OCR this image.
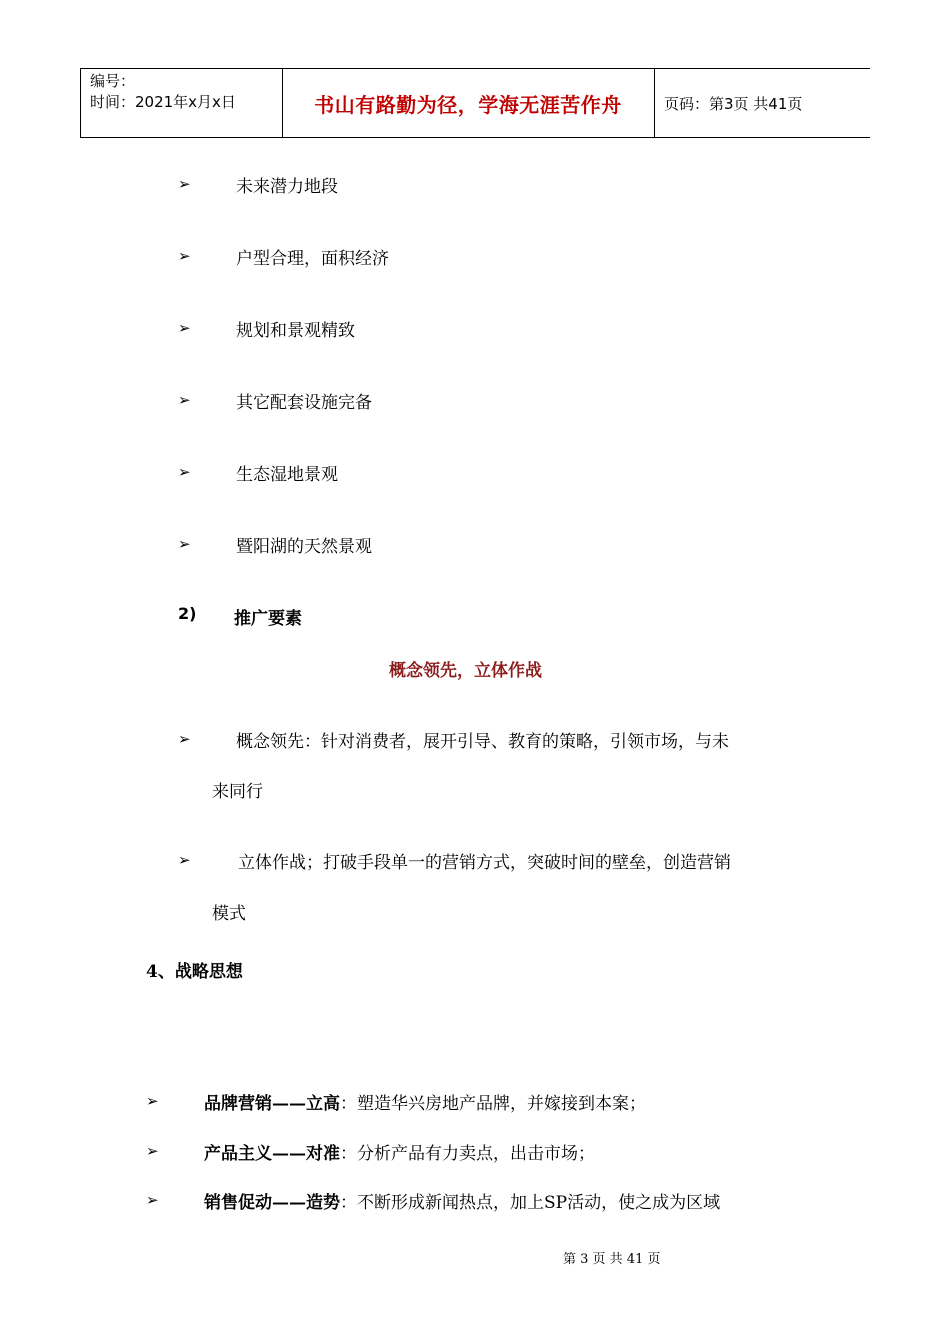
编号：
时间：2021年x月x日	书山有路勤为径，学海无涯苦作舟	页码：第3页 共41页
➢	未来潜力地段
➢	户型合理，面积经济
➢	规划和景观精致
➢	其它配套设施完备
➢	生态湿地景观
➢	暨阳湖的天然景观
2) 推广要素
概念领先，立体作战
➢	概念领先：针对消费者，展开引导、教育的策略，引领市场，与未
来同行
➢	立体作战；打破手段单一的营销方式，突破时间的壁垒，创造营销
模式
4、战略思想
➢	品牌营销——立高：塑造华兴房地产品牌，并嫁接到本案；
➢	产品主义——对准：分析产品有力卖点，出击市场；
➢	销售促动——造势：不断形成新闻热点，加上SP活动，使之成为区域
第 3 页 共 41 页
